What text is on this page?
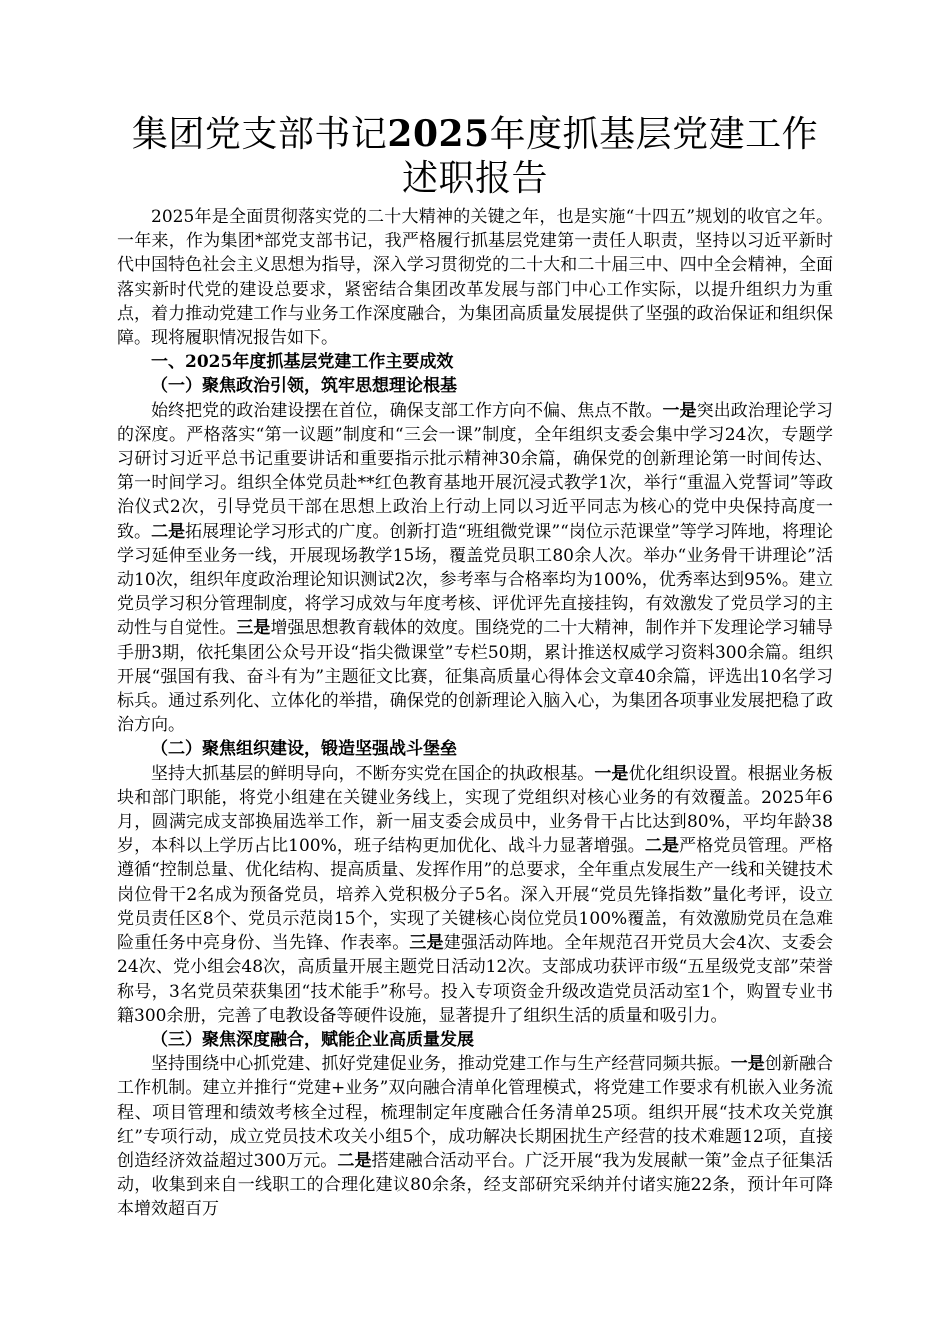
集团党支部书记2025年度抓基层党建工作述职报告

2025年是全面贯彻落实党的二十大精神的关键之年，也是实施“十四五”规划的收官之年。一年来，作为集团*部党支部书记，我严格履行抓基层党建第一责任人职责，坚持以习近平新时代中国特色社会主义思想为指导，深入学习贯彻党的二十大和二十届三中、四中全会精神，全面落实新时代党的建设总要求，紧密结合集团改革发展与部门中心工作实际，以提升组织力为重点，着力推动党建工作与业务工作深度融合，为集团高质量发展提供了坚强的政治保证和组织保障。现将履职情况报告如下。

一、2025年度抓基层党建工作主要成效
（一）聚焦政治引领，筑牢思想理论根基

始终把党的政治建设摆在首位，确保支部工作方向不偏、焦点不散。一是突出政治理论学习的深度。严格落实“第一议题”制度和“三会一课”制度，全年组织支委会集中学习24次，专题学习研讨习近平总书记重要讲话和重要指示批示精神30余篇，确保党的创新理论第一时间传达、第一时间学习。组织全体党员赴**红色教育基地开展沉浸式教学1次，举行“重温入党誓词”等政治仪式2次，引导党员干部在思想上政治上行动上同以习近平同志为核心的党中央保持高度一致。二是拓展理论学习形式的广度。创新打造“班组微党课”“岗位示范课堂”等学习阵地，将理论学习延伸至业务一线，开展现场教学15场，覆盖党员职工80余人次。举办“业务骨干讲理论”活动10次，组织年度政治理论知识测试2次，参考率与合格率均为100%，优秀率达到95%。建立党员学习积分管理制度，将学习成效与年度考核、评优评先直接挂钩，有效激发了党员学习的主动性与自觉性。三是增强思想教育载体的效度。围绕党的二十大精神，制作并下发理论学习辅导手册3期，依托集团公众号开设“指尖微课堂”专栏50期，累计推送权威学习资料300余篇。组织开展“强国有我、奋斗有为”主题征文比赛，征集高质量心得体会文章40余篇，评选出10名学习标兵。通过系列化、立体化的举措，确保党的创新理论入脑入心，为集团各项事业发展把稳了政治方向。

（二）聚焦组织建设，锻造坚强战斗堡垒

坚持大抓基层的鲜明导向，不断夯实党在国企的执政根基。一是优化组织设置。根据业务板块和部门职能，将党小组建在关键业务线上，实现了党组织对核心业务的有效覆盖。2025年6月，圆满完成支部换届选举工作，新一届支委会成员中，业务骨干占比达到80%，平均年龄38岁，本科以上学历占比100%，班子结构更加优化、战斗力显著增强。二是严格党员管理。严格遵循“控制总量、优化结构、提高质量、发挥作用”的总要求，全年重点发展生产一线和关键技术岗位骨干2名成为预备党员，培养入党积极分子5名。深入开展“党员先锋指数”量化考评，设立党员责任区8个、党员示范岗15个，实现了关键核心岗位党员100%覆盖，有效激励党员在急难险重任务中亮身份、当先锋、作表率。三是建强活动阵地。全年规范召开党员大会4次、支委会24次、党小组会48次，高质量开展主题党日活动12次。支部成功获评市级“五星级党支部”荣誉称号，3名党员荣获集团“技术能手”称号。投入专项资金升级改造党员活动室1个，购置专业书籍300余册，完善了电教设备等硬件设施，显著提升了组织生活的质量和吸引力。

（三）聚焦深度融合，赋能企业高质量发展

坚持围绕中心抓党建、抓好党建促业务，推动党建工作与生产经营同频共振。一是创新融合工作机制。建立并推行“党建+业务”双向融合清单化管理模式，将党建工作要求有机嵌入业务流程、项目管理和绩效考核全过程，梳理制定年度融合任务清单25项。组织开展“技术攻关党旗红”专项行动，成立党员技术攻关小组5个，成功解决长期困扰生产经营的技术难题12项，直接创造经济效益超过300万元。二是搭建融合活动平台。广泛开展“我为发展献一策”金点子征集活动，收集到来自一线职工的合理化建议80余条，经支部研究采纳并付诸实施22条，预计年可降本增效超百万
